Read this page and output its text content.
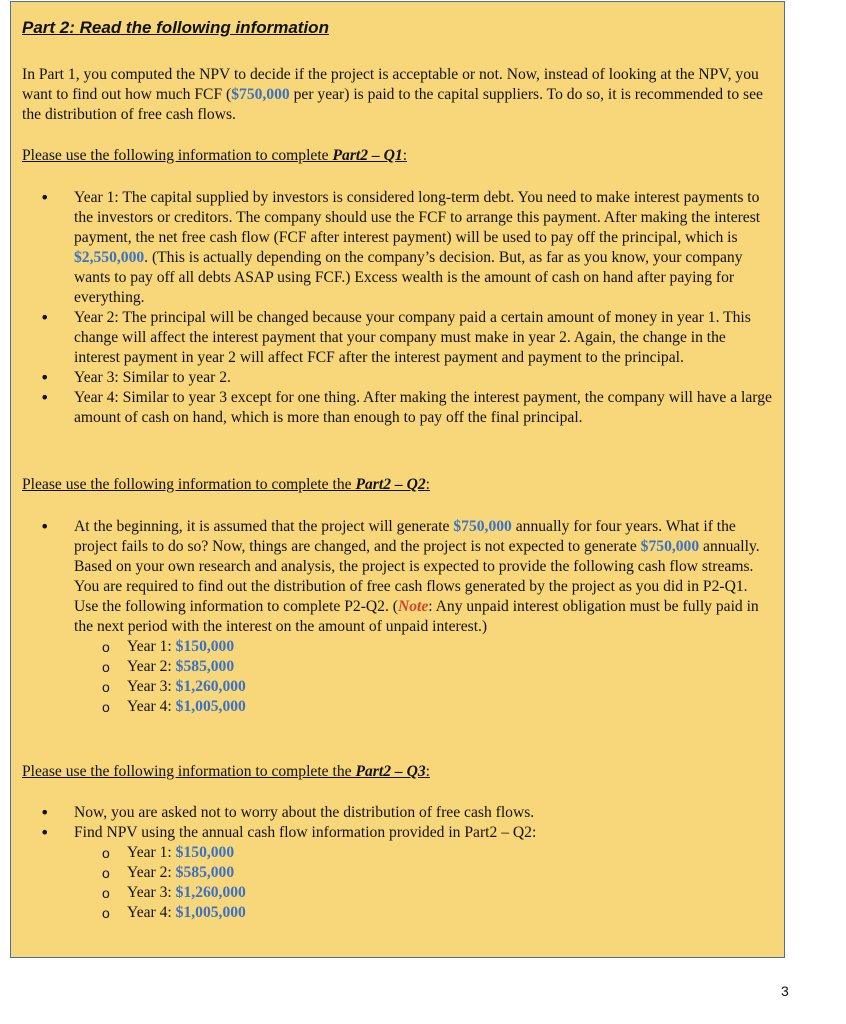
Part 2: Read the following information

In Part 1, you computed the NPV to decide if the project is acceptable or not. Now, instead of looking at the NPV, you want to find out how much FCF ($750,000 per year) is paid to the capital suppliers. To do so, it is recommended to see the distribution of free cash flows.

Please use the following information to complete Part2 – Q1:

• Year 1: The capital supplied by investors is considered long-term debt. You need to make interest payments to the investors or creditors. The company should use the FCF to arrange this payment. After making the interest payment, the net free cash flow (FCF after interest payment) will be used to pay off the principal, which is $2,550,000. (This is actually depending on the company’s decision. But, as far as you know, your company wants to pay off all debts ASAP using FCF.) Excess wealth is the amount of cash on hand after paying for everything.
• Year 2: The principal will be changed because your company paid a certain amount of money in year 1. This change will affect the interest payment that your company must make in year 2. Again, the change in the interest payment in year 2 will affect FCF after the interest payment and payment to the principal.
• Year 3: Similar to year 2.
• Year 4: Similar to year 3 except for one thing. After making the interest payment, the company will have a large amount of cash on hand, which is more than enough to pay off the final principal.

Please use the following information to complete the Part2 – Q2:

• At the beginning, it is assumed that the project will generate $750,000 annually for four years. What if the project fails to do so? Now, things are changed, and the project is not expected to generate $750,000 annually. Based on your own research and analysis, the project is expected to provide the following cash flow streams. You are required to find out the distribution of free cash flows generated by the project as you did in P2-Q1. Use the following information to complete P2-Q2. (Note: Any unpaid interest obligation must be fully paid in the next period with the interest on the amount of unpaid interest.)
o Year 1: $150,000
o Year 2: $585,000
o Year 3: $1,260,000
o Year 4: $1,005,000

Please use the following information to complete the Part2 – Q3:

• Now, you are asked not to worry about the distribution of free cash flows.
• Find NPV using the annual cash flow information provided in Part2 – Q2:
o Year 1: $150,000
o Year 2: $585,000
o Year 3: $1,260,000
o Year 4: $1,005,000
3
